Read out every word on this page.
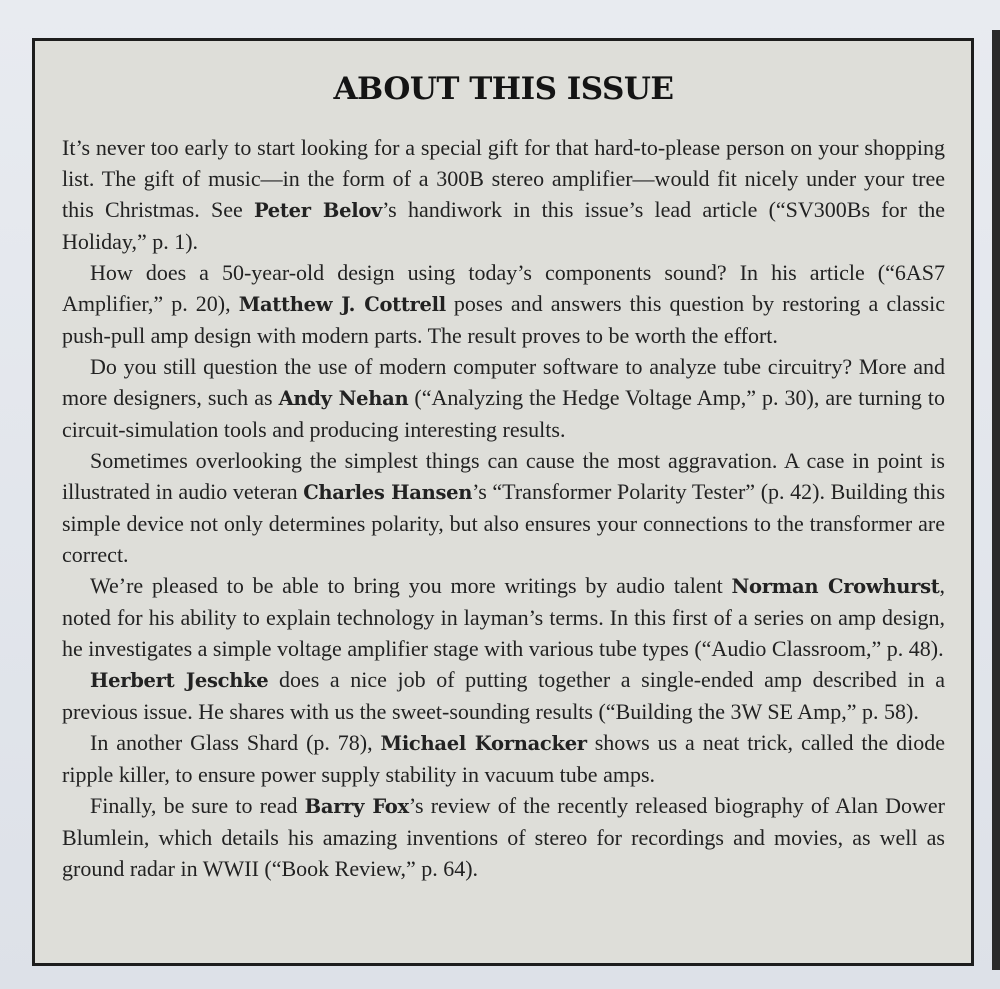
ABOUT THIS ISSUE

It’s never too early to start looking for a special gift for that hard-to-please person on your shopping list. The gift of music—in the form of a 300B stereo amplifier—would fit nicely under your tree this Christmas. See Peter Belov’s handiwork in this issue’s lead article (“SV300Bs for the Holiday,” p. 1).

How does a 50-year-old design using today’s components sound? In his article (“6AS7 Amplifier,” p. 20), Matthew J. Cottrell poses and answers this question by restoring a classic push-pull amp design with modern parts. The result proves to be worth the effort.

Do you still question the use of modern computer software to analyze tube circuitry? More and more designers, such as Andy Nehan (“Analyzing the Hedge Voltage Amp,” p. 30), are turning to circuit-simulation tools and producing interesting results.

Sometimes overlooking the simplest things can cause the most aggravation. A case in point is illustrated in audio veteran Charles Hansen’s “Transformer Polarity Tester” (p. 42). Building this simple device not only determines polarity, but also ensures your connections to the transformer are correct.

We’re pleased to be able to bring you more writings by audio talent Norman Crowhurst, noted for his ability to explain technology in layman’s terms. In this first of a series on amp design, he investigates a simple voltage amplifier stage with various tube types (“Audio Classroom,” p. 48).

Herbert Jeschke does a nice job of putting together a single-ended amp described in a previous issue. He shares with us the sweet-sounding results (“Building the 3W SE Amp,” p. 58).

In another Glass Shard (p. 78), Michael Kornacker shows us a neat trick, called the diode ripple killer, to ensure power supply stability in vacuum tube amps.

Finally, be sure to read Barry Fox’s review of the recently released biography of Alan Dower Blumlein, which details his amazing inventions of stereo for recordings and movies, as well as ground radar in WWII (“Book Review,” p. 64).
